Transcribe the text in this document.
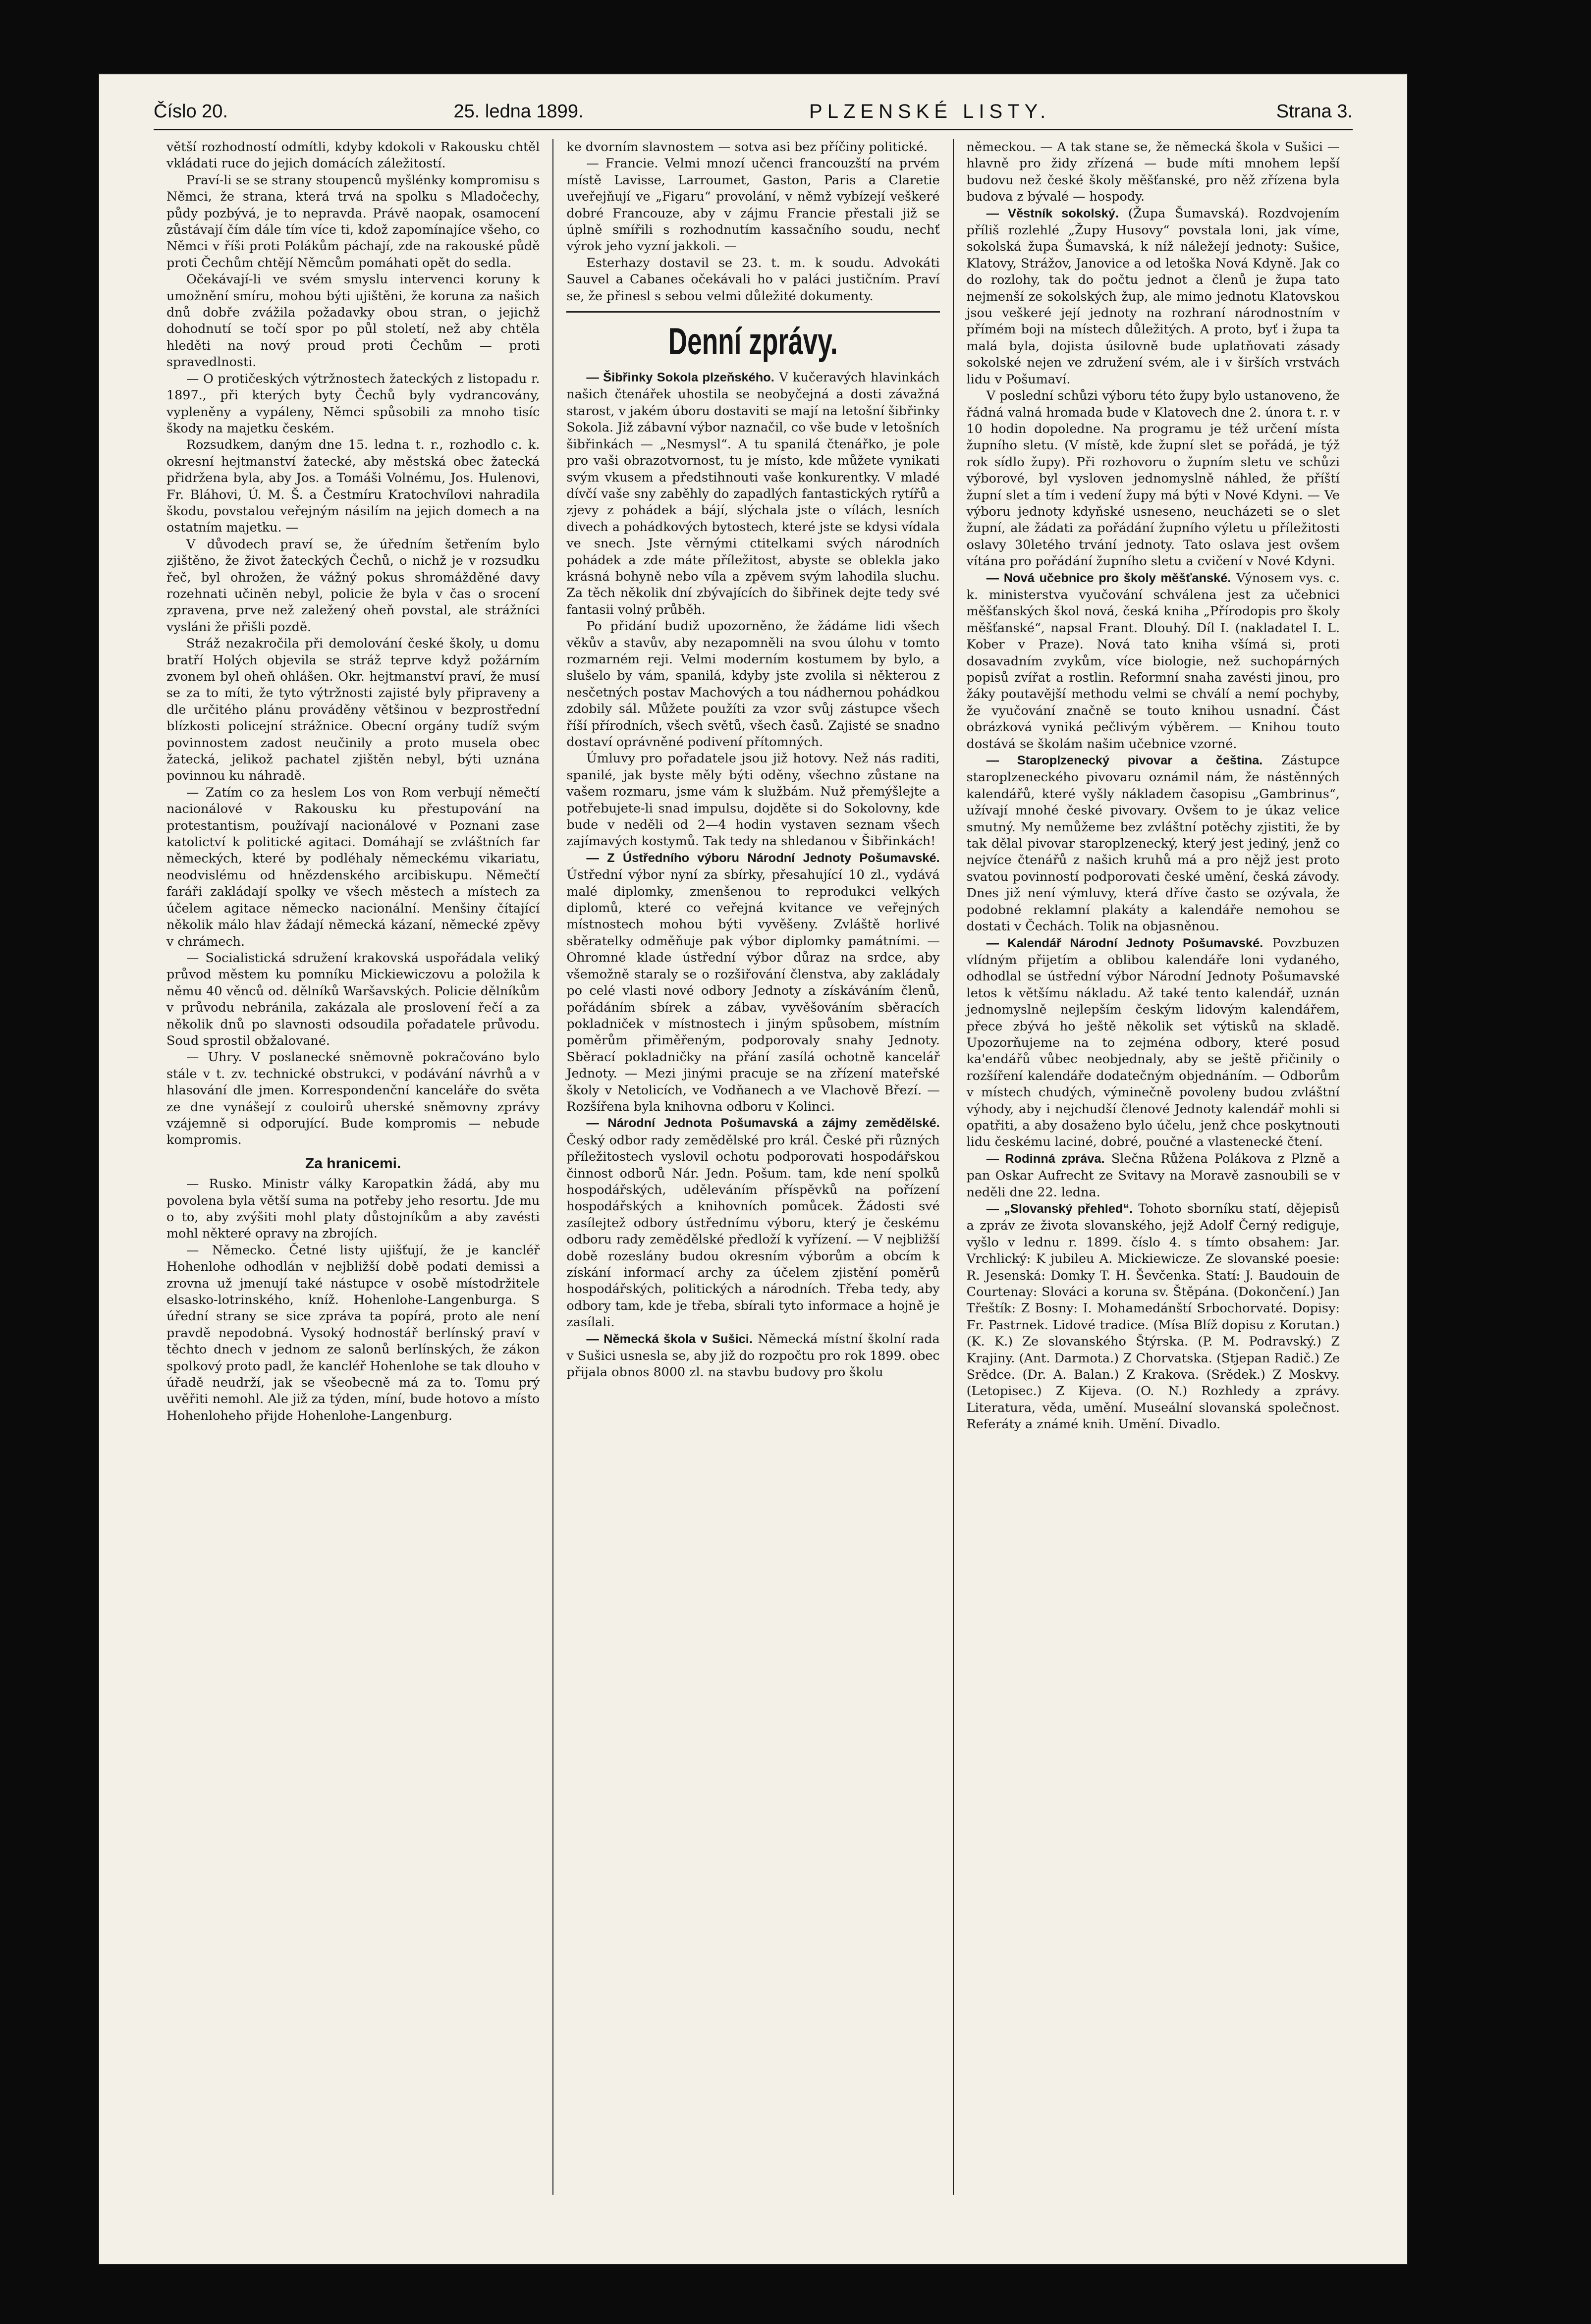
Číslo 20.	25. ledna 1899.	PLZENSKÉ LISTY.	Strana 3.

větší rozhodností odmítli, kdyby kdokoli v Rakousku chtěl vkládati ruce do jejich domácích záležitostí.

Praví-li se se strany stoupenců myšlénky kompromisu s Němci, že strana, která trvá na spolku s Mladočechy, půdy pozbývá, je to nepravda. Právě naopak, osamocení zůstávají čím dále tím více ti, kdož zapomínajíce všeho, co Němci v říši proti Polákům páchají, zde na rakouské půdě proti Čechům chtějí Němcům pomáhati opět do sedla.

Očekávají-li ve svém smyslu intervenci koruny k umožnění smíru, mohou býti ujištěni, že koruna za našich dnů dobře zvážila požadavky obou stran, o jejichž dohodnutí se točí spor po půl století, než aby chtěla hleděti na nový proud proti Čechům — proti spravedlnosti.

— O protičeských výtržnostech žateckých z listopadu r. 1897., při kterých byty Čechů byly vydrancovány, vypleněny a vypáleny, Němci spůsobili za mnoho tisíc škody na majetku českém.

Rozsudkem, daným dne 15. ledna t. r., rozhodlo c. k. okresní hejtmanství žatecké, aby městská obec žatecká přidržena byla, aby Jos. a Tomáši Volnému, Jos. Hulenovi, Fr. Bláhovi, Ú. M. Š. a Čestmíru Kratochvílovi nahradila škodu, povstalou veřejným násilím na jejich domech a na ostatním majetku. —

V důvodech praví se, že úředním šetřením bylo zjištěno, že život žateckých Čechů, o nichž je v rozsudku řeč, byl ohrožen, že vážný pokus shromážděné davy rozehnati učiněn nebyl, policie že byla v čas o srocení zpravena, prve než zaležený oheň povstal, ale strážníci vysláni že přišli pozdě.

Stráž nezakročila při demolování české školy, u domu bratří Holých objevila se stráž teprve když požárním zvonem byl oheň ohlášen. Okr. hejtmanství praví, že musí se za to míti, že tyto výtržnosti zajisté byly připraveny a dle určitého plánu prováděny většinou v bezprostřední blízkosti policejní strážnice. Obecní orgány tudíž svým povinnostem zadost neučinily a proto musela obec žatecká, jelikož pachatel zjištěn nebyl, býti uznána povinnou ku náhradě.

— Zatím co za heslem Los von Rom verbují němečtí nacionálové v Rakousku ku přestupování na protestantism, používají nacionálové v Poznani zase katolictví k politické agitaci. Domáhají se zvláštních far německých, které by podléhaly německému vikariatu, neodvislému od hnězdenského arcibiskupu. Němečtí faráři zakládají spolky ve všech městech a místech za účelem agitace německo nacionální. Menšiny čítající několik málo hlav žádají německá kázaní, německé zpěvy v chrámech.

— Socialistická sdružení krakovská uspořádala veliký průvod městem ku pomníku Mickiewiczovu a položila k němu 40 věnců od. dělníků Waršavských. Policie dělníkům v průvodu nebránila, zakázala ale proslovení řečí a za několik dnů po slavnosti odsoudila pořadatele průvodu. Soud sprostil obžalované.

— Uhry. V poslanecké sněmovně pokračováno bylo stále v t. zv. technické obstrukci, v podávání návrhů a v hlasování dle jmen. Korrespondenční kanceláře do světa ze dne vynášejí z couloirů uherské sněmovny zprávy vzájemně si odporující. Bude kompromis — nebude kompromis.

Za hranicemi.

— Rusko. Ministr války Karopatkin žádá, aby mu povolena byla větší suma na potřeby jeho resortu. Jde mu o to, aby zvýšiti mohl platy důstojníkům a aby zavésti mohl některé opravy na zbrojích.

— Německo. Četné listy ujišťují, že je kancléř Hohenlohe odhodlán v nejbližší době podati demissi a zrovna už jmenují také nástupce v osobě místodržitele elsasko-lotrinského, kníž. Hohenlohe-Langenburga. S úřední strany se sice zpráva ta popírá, proto ale není pravdě nepodobná. Vysoký hodnostář berlínský praví v těchto dnech v jednom ze salonů berlínských, že zákon spolkový proto padl, že kancléř Hohenlohe se tak dlouho v úřadě neudrží, jak se všeobecně má za to. Tomu prý uvěřiti nemohl. Ale již za týden, míní, bude hotovo a místo Hohenloheho přijde Hohenlohe-Langenburg.

ke dvorním slavnostem — sotva asi bez příčiny politické.

— Francie. Velmi mnozí učenci francouzští na prvém místě Lavisse, Larroumet, Gaston, Paris a Claretie uveřejňují ve „Figaru“ provolání, v němž vybízejí veškeré dobré Francouze, aby v zájmu Francie přestali již se úplně smířili s rozhodnutím kassačního soudu, nechť výrok jeho vyzní jakkoli. —

Esterhazy dostavil se 23. t. m. k soudu. Advokáti Sauvel a Cabanes očekávali ho v paláci justičním. Praví se, že přinesl s sebou velmi důležité dokumenty.

Denní zprávy.

— Šibřinky Sokola plzeňského. V kučeravých hlavinkách našich čtenářek uhostila se neobyčejná a dosti závažná starost, v jakém úboru dostaviti se mají na letošní šibřinky Sokola. Již zábavní výbor naznačil, co vše bude v letošních šibřinkách — „Nesmysl“. A tu spanilá čtenářko, je pole pro vaši obrazotvornost, tu je místo, kde můžete vynikati svým vkusem a předstihnouti vaše konkurentky. V mladé dívčí vaše sny zaběhly do zapadlých fantastických rytířů a zjevy z pohádek a bájí, slýchala jste o vílách, lesních divech a pohádkových bytostech, které jste se kdysi vídala ve snech. Jste věrnými ctitelkami svých národních pohádek a zde máte příležitost, abyste se oblekla jako krásná bohyně nebo víla a zpěvem svým lahodila sluchu. Za těch několik dní zbývajících do šibřinek dejte tedy své fantasii volný průběh.

Po přidání budiž upozorněno, že žádáme lidi všech věkův a stavův, aby nezapomněli na svou úlohu v tomto rozmarném reji. Velmi moderním kostumem by bylo, a slušelo by vám, spanilá, kdyby jste zvolila si některou z nesčetných postav Machových a tou nádhernou pohádkou zdobily sál. Můžete použíti za vzor svůj zástupce všech říší přírodních, všech světů, všech časů. Zajisté se snadno dostaví oprávněné podivení přítomných.

Úmluvy pro pořadatele jsou již hotovy. Než nás raditi, spanilé, jak byste měly býti oděny, všechno zůstane na vašem rozmaru, jsme vám k službám. Nuž přemýšlejte a potřebujete-li snad impulsu, dojděte si do Sokolovny, kde bude v neděli od 2—4 hodin vystaven seznam všech zajímavých kostymů. Tak tedy na shledanou v Šibřinkách!

— Z Ústředního výboru Národní Jednoty Pošumavské. Ústřední výbor nyní za sbírky, přesahující 10 zl., vydává malé diplomky, zmenšenou to reprodukci velkých diplomů, které co veřejná kvitance ve veřejných místnostech mohou býti vyvěšeny. Zvláště horlivé sběratelky odměňuje pak výbor diplomky památními. — Ohromné klade ústřední výbor důraz na srdce, aby všemožně staraly se o rozšiřování členstva, aby zakládaly po celé vlasti nové odbory Jednoty a získáváním členů, pořádáním sbírek a zábav, vyvěšováním sběracích pokladniček v místnostech i jiným spůsobem, místním poměrům přiměřeným, podporovaly snahy Jednoty. Sběrací pokladničky na přání zasílá ochotně kancelář Jednoty. — Mezi jinými pracuje se na zřízení mateřské školy v Netolicích, ve Vodňanech a ve Vlachově Březí. — Rozšířena byla knihovna odboru v Kolinci.

— Národní Jednota Pošumavská a zájmy zemědělské. Český odbor rady zemědělské pro král. České při různých příležitostech vyslovil ochotu podporovati hospodářskou činnost odborů Nár. Jedn. Pošum. tam, kde není spolků hospodářských, uděleváním příspěvků na pořízení hospodářských a knihovních pomůcek. Žádosti své zasílejtež odbory ústřednímu výboru, který je českému odboru rady zemědělské předloží k vyřízení. — V nejbližší době rozeslány budou okresním výborům a obcím k získání informací archy za účelem zjistění poměrů hospodářských, politických a národních. Třeba tedy, aby odbory tam, kde je třeba, sbírali tyto informace a hojně je zasílali.

— Německá škola v Sušici. Německá místní školní rada v Sušici usnesla se, aby již do rozpočtu pro rok 1899. obec přijala obnos 8000 zl. na stavbu budovy pro školu

německou. — A tak stane se, že německá škola v Sušici — hlavně pro židy zřízená — bude míti mnohem lepší budovu než české školy měšťanské, pro něž zřízena byla budova z bývalé — hospody.

— Věstník sokolský. (Župa Šumavská). Rozdvojením příliš rozlehlé „Župy Husovy“ povstala loni, jak víme, sokolská župa Šumavská, k níž náležejí jednoty: Sušice, Klatovy, Strážov, Janovice a od letoška Nová Kdyně. Jak co do rozlohy, tak do počtu jednot a členů je župa tato nejmenší ze sokolských žup, ale mimo jednotu Klatovskou jsou veškeré její jednoty na rozhraní národnostním v přímém boji na místech důležitých. A proto, byť i župa ta malá byla, dojista úsilovně bude uplatňovati zásady sokolské nejen ve združení svém, ale i v širších vrstvách lidu v Pošumaví.

V poslední schůzi výboru této župy bylo ustanoveno, že řádná valná hromada bude v Klatovech dne 2. února t. r. v 10 hodin dopoledne. Na programu je též určení místa župního sletu. (V místě, kde župní slet se pořádá, je týž rok sídlo župy). Při rozhovoru o župním sletu ve schůzi výborové, byl vysloven jednomyslně náhled, že příští župní slet a tím i vedení župy má býti v Nové Kdyni. — Ve výboru jednoty kdyňské usneseno, neucházeti se o slet župní, ale žádati za pořádání župního výletu u příležitosti oslavy 30letého trvání jednoty. Tato oslava jest ovšem vítána pro pořádání župního sletu a cvičení v Nové Kdyni.

— Nová učebnice pro školy měšťanské. Výnosem vys. c. k. ministerstva vyučování schválena jest za učebnici měšťanských škol nová, česká kniha „Přírodopis pro školy měšťanské“, napsal Frant. Dlouhý. Díl I. (nakladatel I. L. Kober v Praze). Nová tato kniha všímá si, proti dosavadním zvykům, více biologie, než suchopárných popisů zvířat a rostlin. Reformní snaha zavésti jinou, pro žáky poutavější methodu velmi se chválí a nemí pochyby, že vyučování značně se touto knihou usnadní. Část obrázková vyniká pečlivým výběrem. — Knihou touto dostává se školám našim učebnice vzorné.

— Staroplzenecký pivovar a čeština. Zástupce staroplzeneckého pivovaru oznámil nám, že nástěnných kalendářů, které vyšly nákladem časopisu „Gambrinus“, užívají mnohé české pivovary. Ovšem to je úkaz velice smutný. My nemůžeme bez zvláštní potěchy zjistiti, že by tak dělal pivovar staroplzenecký, který jest jediný, jenž co nejvíce čtenářů z našich kruhů má a pro nějž jest proto svatou povinností podporovati české umění, česká závody. Dnes již není výmluvy, která dříve často se ozývala, že podobné reklamní plakáty a kalendáře nemohou se dostati v Čechách. Tolik na objasněnou.

— Kalendář Národní Jednoty Pošumavské. Povzbuzen vlídným přijetím a oblibou kalendáře loni vydaného, odhodlal se ústřední výbor Národní Jednoty Pošumavské letos k většímu nákladu. Až také tento kalendář, uznán jednomyslně nejlepším českým lidovým kalendářem, přece zbývá ho ještě několik set výtisků na skladě. Upozorňujeme na to zejména odbory, které posud ka'endářů vůbec neobjednaly, aby se ještě přičinily o rozšíření kalendáře dodatečným objednáním. — Odborům v místech chudých, výminečně povoleny budou zvláštní výhody, aby i nejchudší členové Jednoty kalendář mohli si opatřiti, a aby dosaženo bylo účelu, jenž chce poskytnouti lidu českému laciné, dobré, poučné a vlastenecké čtení.

— Rodinná zpráva. Slečna Růžena Polákova z Plzně a pan Oskar Aufrecht ze Svitavy na Moravě zasnoubili se v neděli dne 22. ledna.

— „Slovanský přehled“. Tohoto sborníku statí, dějepisů a zpráv ze života slovanského, jejž Adolf Černý rediguje, vyšlo v lednu r. 1899. číslo 4. s tímto obsahem: Jar. Vrchlický: K jubileu A. Mickiewicze. Ze slovanské poesie: R. Jesenská: Domky T. H. Ševčenka. Statí: J. Baudouin de Courtenay: Slováci a koruna sv. Štěpána. (Dokončení.) Jan Třeštík: Z Bosny: I. Mohamedánští Srbochorvaté. Dopisy: Fr. Pastrnek. Lidové tradice. (Mísa Blíž dopisu z Korutan.) (K. K.) Ze slovanského Štýrska. (P. M. Podravský.) Z Krajiny. (Ant. Darmota.) Z Chorvatska. (Stjepan Radič.) Ze Srědce. (Dr. A. Balan.) Z Krakova. (Srědek.) Z Moskvy. (Letopisec.) Z Kijeva. (O. N.) Rozhledy a zprávy. Literatura, věda, umění. Museální slovanská společnost. Referáty a známé knih. Umění. Divadlo.
